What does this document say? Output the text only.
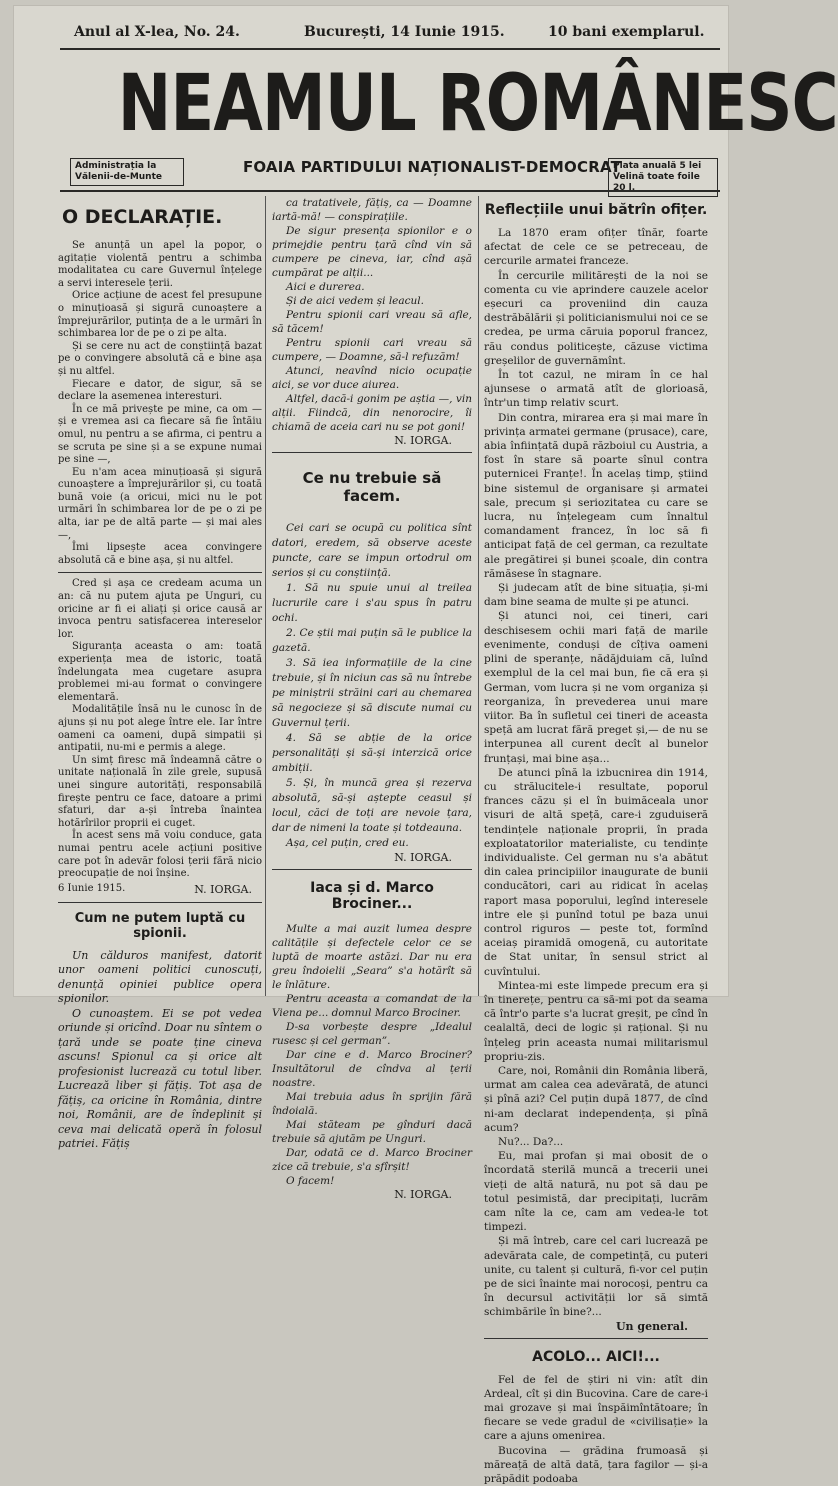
Anul al X-lea, No. 24.	București, 14 Iunie 1915.	10 bani exemplarul.
NEAMUL ROMÂNESC
Administrația la Vălenii-de-Munte
FOAIA PARTIDULUI NAȚIONALIST-DEMOCRAT
Plata anuală 5 lei Velină toate foile 20 l.
O DECLARAȚIE.

Se anunță un apel la popor, o agitație violentă pentru a schimba modalitatea cu care Guvernul înțelege a servi interesele țerii.

Orice acțiune de acest fel presupune o minuțioasă și sigură cunoaștere a împrejurărilor, putința de a le urmări în schimbarea lor de pe o zi pe alta.

Și se cere nu act de conștiință bazat pe o convingere absolută că e bine așa și nu altfel.

Fiecare e dator, de sigur, să se declare la asemenea interesturi.

În ce mă privește pe mine, ca om — și e vremea asi ca fiecare să fie întăiu omul, nu pentru a se afirma, ci pentru a se scruta pe sine și a se expune numai pe sine —,

Eu n'am acea minuțioasă și sigură cunoaștere a împrejurărilor și, cu toată bună voie (a oricui, mici nu le pot urmări în schimbarea lor de pe o zi pe alta, iar pe de altă parte — și mai ales —,

Îmi lipsește acea convingere absolută că e bine așa, și nu altfel.

Cred și așa ce credeam acuma un an: că nu putem ajuta pe Unguri, cu oricine ar fi ei aliați și orice causă ar invoca pentru satisfacerea intereselor lor.

Siguranța aceasta o am: toată experiența mea de istoric, toată îndelungata mea cugetare asupra problemei mi-au format o convingere elementară.

Modalitățile însă nu le cunosc în de ajuns și nu pot alege între ele. Iar între oameni ca oameni, după simpatii și antipatii, nu-mi e permis a alege.

Un simț firesc mă îndeamnă către o unitate națională în zile grele, supusă unei singure autorități, responsabilă firește pentru ce face, datoare a primi sfaturi, dar a-și întreba înaintea hotărîrilor proprii ei cuget.

În acest sens mă voiu conduce, gata numai pentru acele acțiuni positive care pot în adevăr folosi țerii fără nicio preocupație de noi înșine.

6 Iunie 1915.	N. IORGA.
Cum ne putem luptă cu spionii.

Un călduros manifest, datorit unor oameni politici cunoscuți, denunță opiniei publice opera spionilor.

O cunoaștem. Ei se pot vedea oriunde și oricînd. Doar nu sîntem o țară unde se poate ține cineva ascuns! Spionul ca și orice alt profesionist lucrează cu totul liber. Lucrează liber și fățiș. Tot așa de fățiș, ca oricine în România, dintre noi, Românii, are de îndeplinit și ceva mai delicată operă în folosul patriei. Fățiș

ca tratativele, fățiș, ca — Doamne iartă-mă! — conspirațiile.

De sigur presența spionilor e o primejdie pentru țară cînd vin să cumpere pe cineva, iar, cînd așă cumpărat pe alții...

Aici e durerea.

Și de aici vedem și leacul.

Pentru spionii cari vreau să afle, să tăcem!

Pentru spionii cari vreau să cumpere, — Doamne, să-l refuzăm!

Atunci, neavînd nicio ocupație aici, se vor duce aiurea.

Altfel, dacă-i gonim pe aștia —, vin alții. Fiindcă, din nenorocire, îi chiamă de aceia cari nu se pot goni!

N. IORGA.
Ce nu trebuie să facem.

Cei cari se ocupă cu politica sînt datori, eredem, să observe aceste puncte, care se impun ortodrul om serios și cu conștiință.

1. Să nu spuie unui al treilea lucrurile care i s'au spus în patru ochi.

2. Ce știi mai puțin să le publice la gazetă.

3. Să iea informațiile de la cine trebuie, și în niciun cas să nu întrebe pe miniștrii străini cari au chemarea să negocieze și să discute numai cu Guvernul țerii.

4. Să se abție de la orice personalități și să-și interzică orice ambiții.

5. Și, în muncă grea și rezerva absolută, să-și aștepte ceasul și locul, căci de toți are nevoie țara, dar de nimeni la toate și totdeauna.

Așa, cel puțin, cred eu.

N. IORGA.
Iaca și d. Marco Brociner...

Multe a mai auzit lumea despre calitățile și defectele celor ce se luptă de moarte astăzi. Dar nu era greu îndoielii „Seara” s'a hotărît să le înlăture.

Pentru aceasta a comandat de la Viena pe... domnul Marco Brociner.

D-sa vorbește despre „Idealul rusesc și cel german”.

Dar cine e d. Marco Brociner? Insultătorul de cîndva al țerii noastre.

Mai trebuia adus în sprijin fără îndoială.

Mai stăteam pe gînduri dacă trebuie să ajutăm pe Unguri.

Dar, odată ce d. Marco Brociner zice că trebuie, s'a sfîrșit!

O facem!

N. IORGA.
Reflecțiile unui bătrîn ofițer.

La 1870 eram ofițer tînăr, foarte afectat de cele ce se petreceau, de cercurile armatei franceze.

În cercurile militărești de la noi se comenta cu vie aprindere cauzele acelor eșecuri ca proveniind din cauza destrăbălării și politicianismului noi ce se credea, pe urma căruia poporul francez, rău condus politicește, căzuse victima greșelilor de guvernămînt.

În tot cazul, ne miram în ce hal ajunsese o armată atît de glorioasă, într'un timp relativ scurt.

Din contra, mirarea era și mai mare în privința armatei germane (prusace), care, abia înființată după războiul cu Austria, a fost în stare să poarte sînul contra puternicei Franțe!. În acelaș timp, știind bine sistemul de organisare și armatei sale, precum și seriozitatea cu care se lucra, nu înțelegeam cum înnaltul comandament francez, în loc să fi anticipat față de cel german, ca rezultate ale pregătirei și bunei școale, din contra rămăsese în stagnare.

Și judecam atît de bine situația, și-mi dam bine seama de multe și pe atunci.

Și atunci noi, cei tineri, cari deschisesem ochii mari față de marile evenimente, conduși de cîțiva oameni plini de speranțe, nădăjduiam că, luînd exemplul de la cel mai bun, fie că era și German, vom lucra și ne vom organiza și reorganiza, în prevederea unui mare viitor. Ba în sufletul cei tineri de aceasta speță am lucrat fără preget și,— de nu se interpunea all curent decît al bunelor frunțași, mai bine așa...

De atunci pînă la izbucnirea din 1914, cu strălucitele-i resultate, poporul frances căzu și el în buimăceala unor visuri de altă speță, care-i zguduiseră tendințele naționale proprii, în prada exploatatorilor materialiste, cu tendințe individualiste. Cel german nu s'a abătut din calea principiilor inaugurate de bunii conducători, cari au ridicat în acelaș raport masa poporului, legînd interesele intre ele și punînd totul pe baza unui control riguros — peste tot, formînd aceiaș piramidă omogenă, cu autoritate de Stat unitar, în sensul strict al cuvîntului.

Mintea-mi este limpede precum era și în tinerețe, pentru ca să-mi pot da seama că într'o parte s'a lucrat greșit, pe cînd în cealaltă, deci de logic și rațional. Și nu înțeleg prin aceasta numai militarismul propriu-zis.

Care, noi, Românii din România liberă, urmat am calea cea adevărată, de atunci și pînă azi? Cel puțin după 1877, de cînd ni-am declarat independența, și pînă acum?

Nu?... Da?...

Eu, mai profan și mai obosit de o încordată sterilă muncă a trecerii unei vieți de altă natură, nu pot să dau pe totul pesimistă, dar precipitați, lucrăm cam nîte la ce, cam am vedea-le tot timpezi.

Și mă întreb, care cel cari lucrează pe adevărata cale, de competință, cu puteri unite, cu talent și cultură, fi-vor cel puțin pe de sici înainte mai norocoși, pentru ca în decursul activității lor să simtă schimbările în bine?...

Un general.
ACOLO... AICI!...

Fel de fel de știri ni vin: atît din Ardeal, cît și din Bucovina. Care de care-i mai grozave și mai înspăimîntătoare; în fiecare se vede gradul de «civilisație» la care a ajuns omenirea.

Bucovina — grădina frumoasă și măreață de altă dată, țara fagilor — și-a prăpădit podoaba
